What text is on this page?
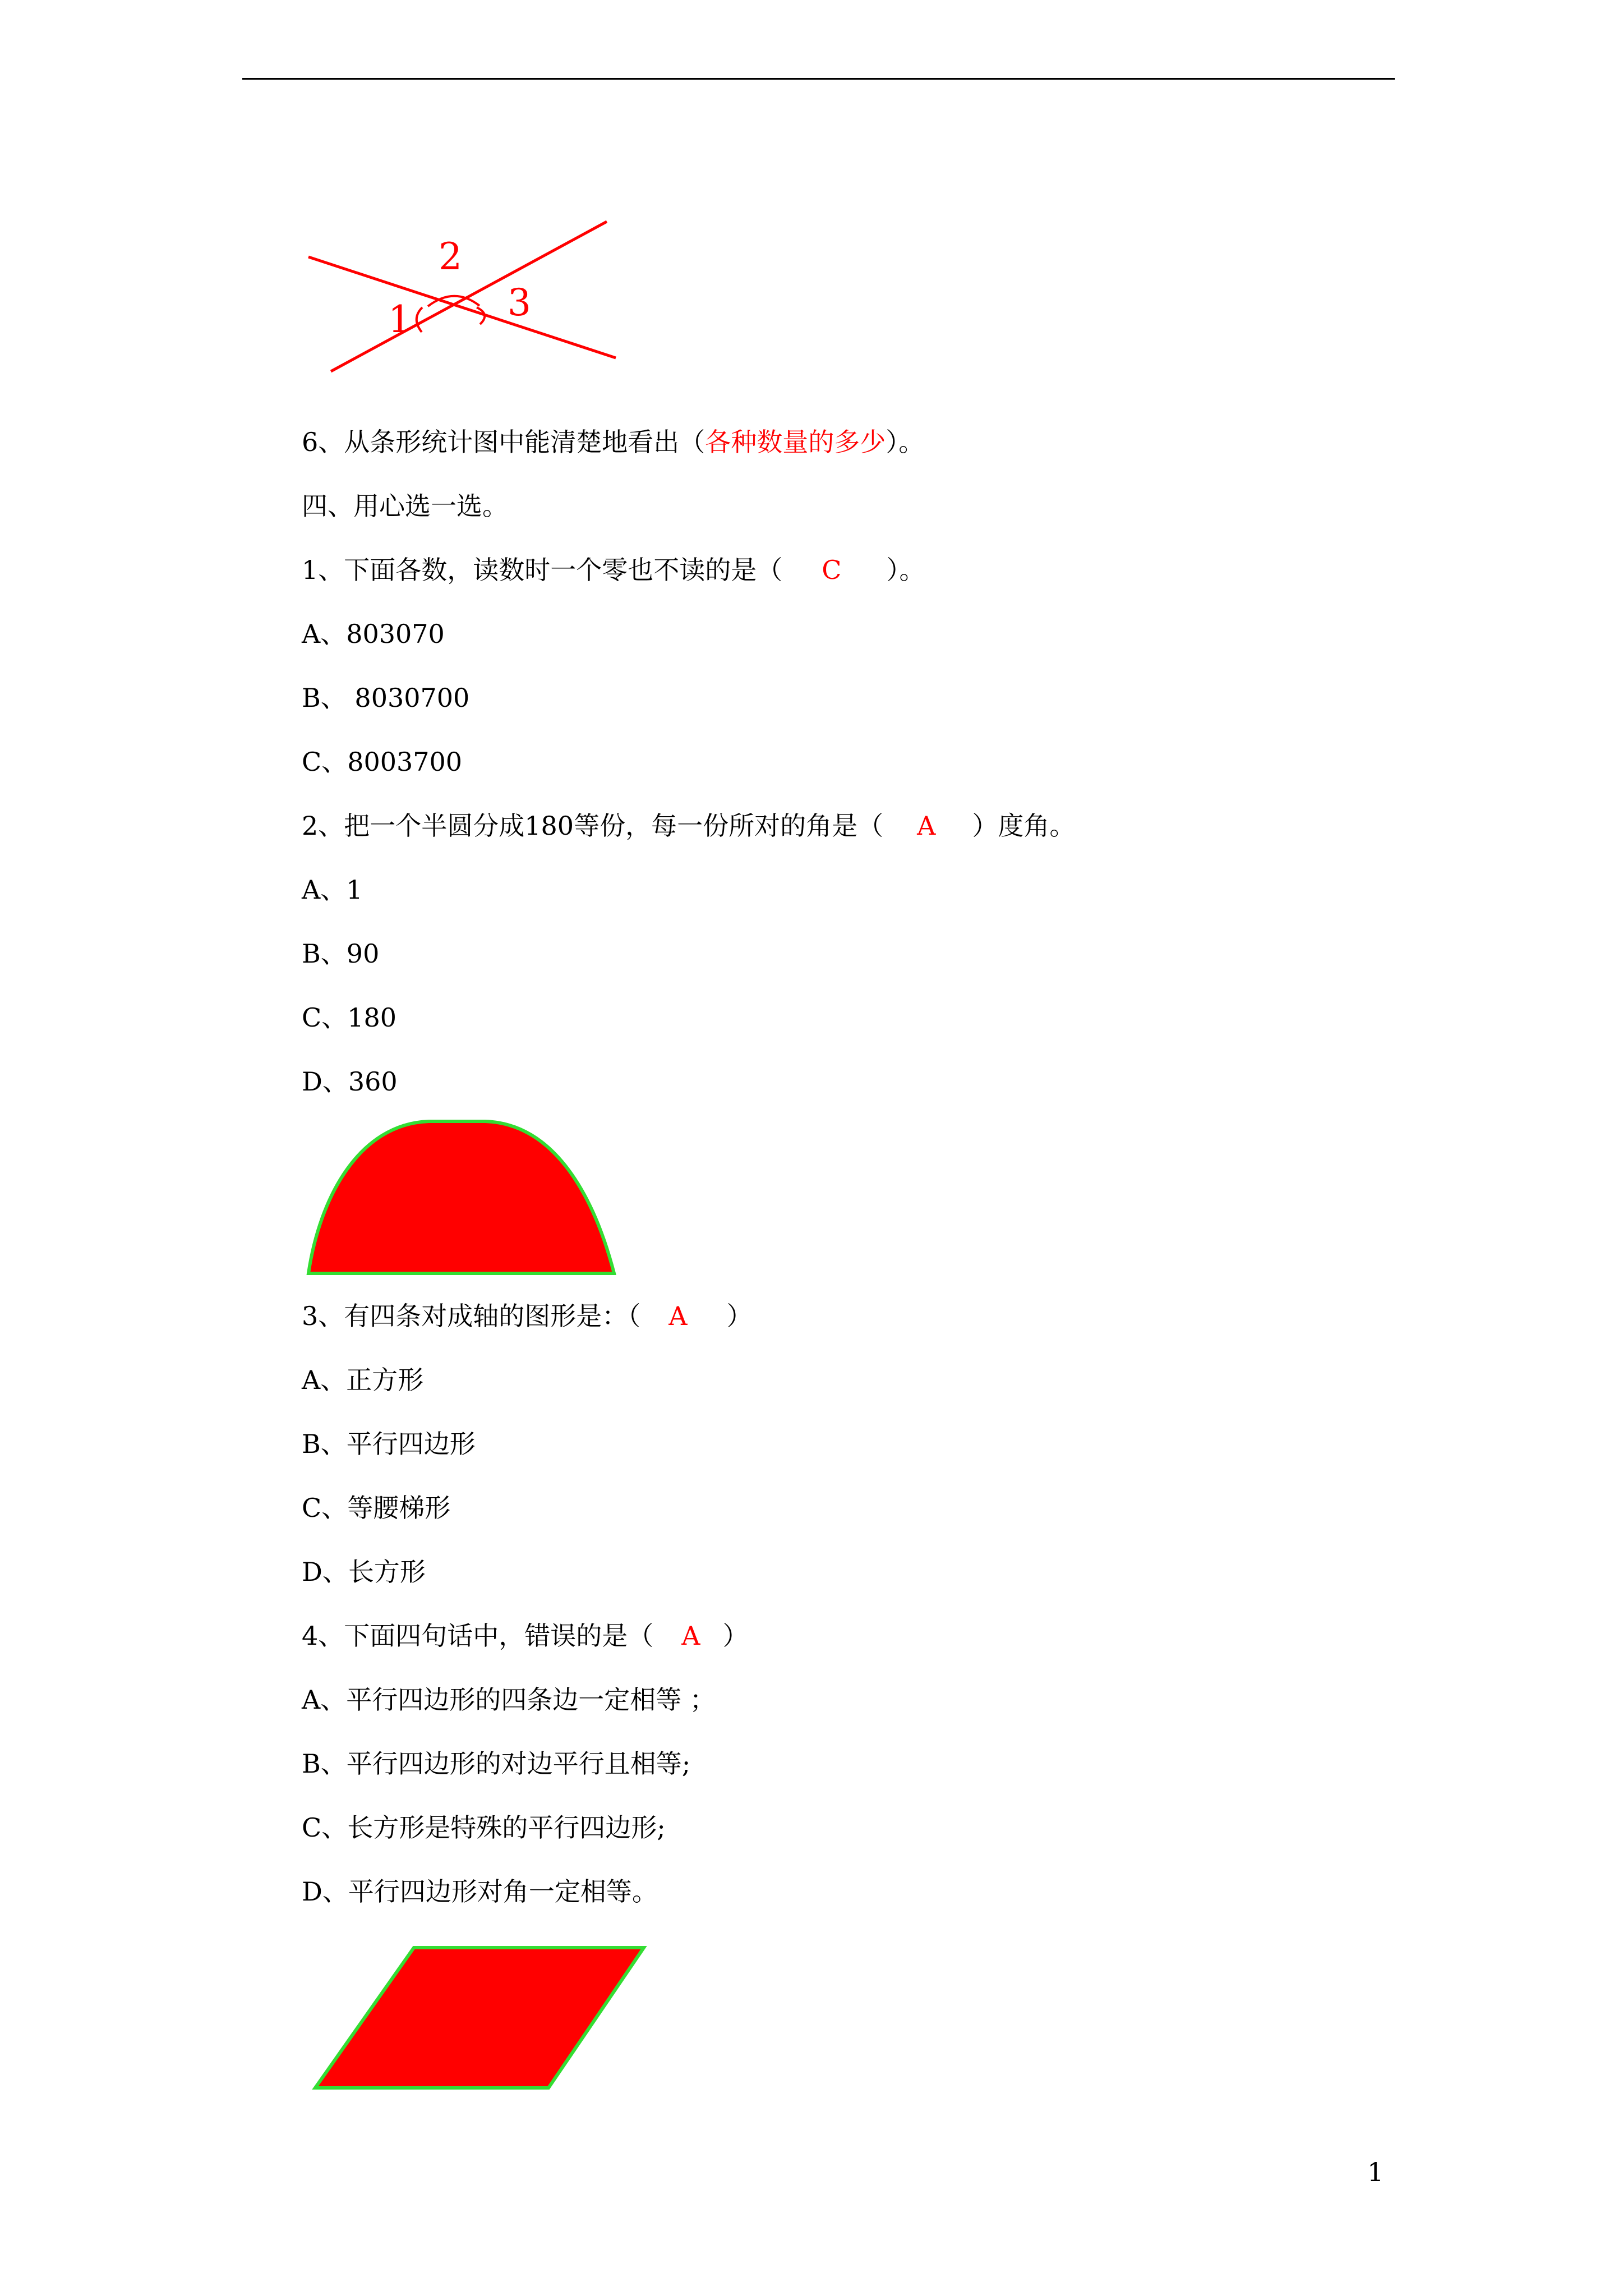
1
2
3
6、从条形统计图中能清楚地看出（各种数量的多少）。
四、用心选一选。
1、下面各数，读数时一个零也不读的是（ C ）。
A、803070
B、 8030700
C、8003700
2、把一个半圆分成180等份，每一份所对的角是（ A ）度角。
A、1
B、90
C、180
D、360
3、有四条对成轴的图形是：（ A ）
A、正方形
B、平行四边形
C、等腰梯形
D、长方形
4、下面四句话中，错误的是（ A ）
A、平行四边形的四条边一定相等 ；
B、平行四边形的对边平行且相等;
C、长方形是特殊的平行四边形;
D、平行四边形对角一定相等。
1
